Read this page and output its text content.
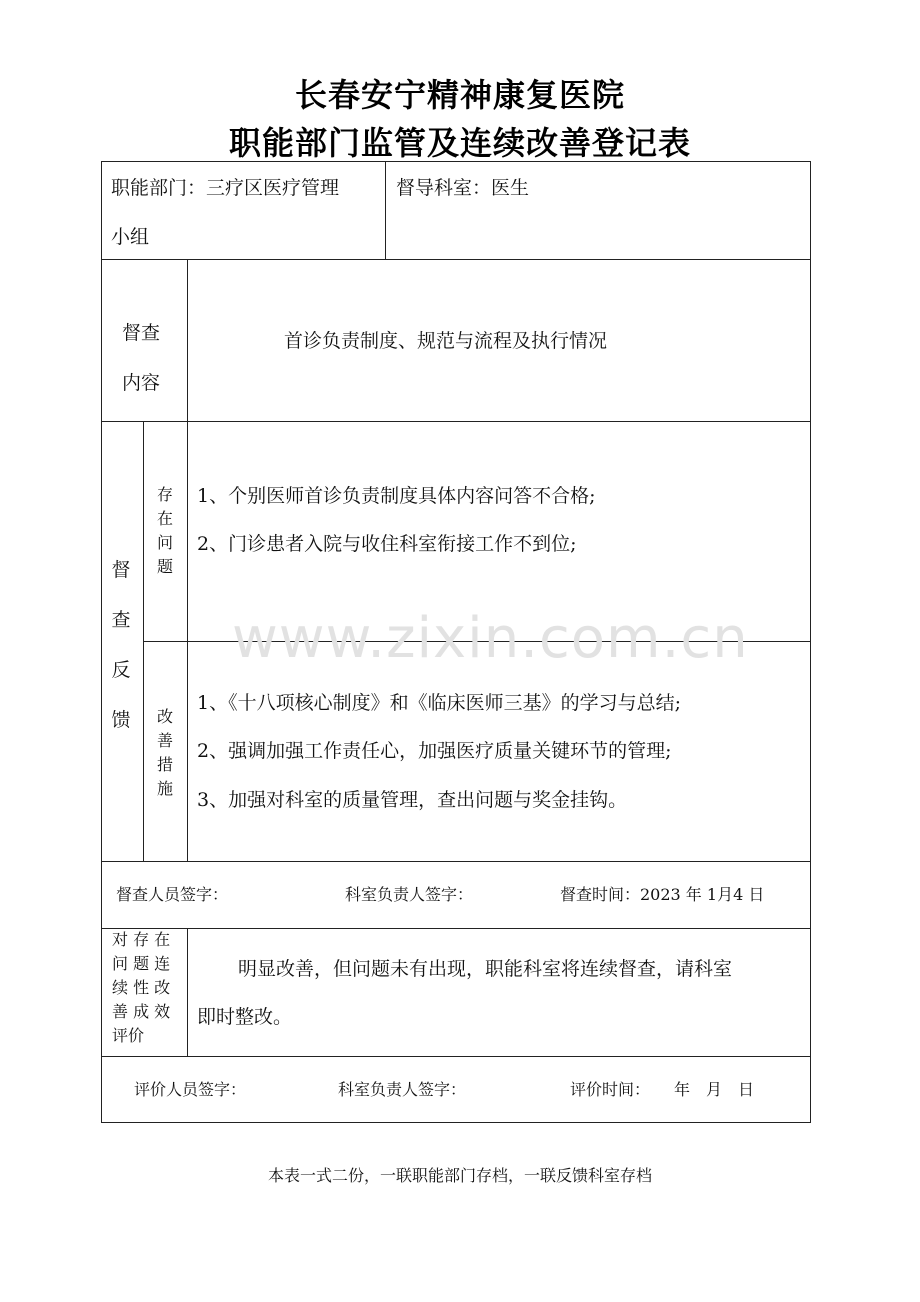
长春安宁精神康复医院
职能部门监管及连续改善登记表
职能部门：三疗区医疗管理
小组
督导科室：医生
督查
内容
首诊负责制度、规范与流程及执行情况
督查反馈
存在问题
1、个别医师首诊负责制度具体内容问答不合格;
2、门诊患者入院与收住科室衔接工作不到位;
改善措施
1、《十八项核心制度》和《临床医师三基》的学习与总结;
2、强调加强工作责任心，加强医疗质量关键环节的管理;
3、加强对科室的质量管理，查出问题与奖金挂钩。
www.zixin.com.cn
督查人员签字：	科室负责人签字：	督查时间：2023 年 1月4 日
对 存 在
问 题 连
续 性 改
善 成 效
评价
明显改善，但问题未有出现，职能科室将连续督查，请科室
即时整改。
评价人员签字：	科室负责人签字：	评价时间：　　年　月　日
本表一式二份，一联职能部门存档，一联反馈科室存档
